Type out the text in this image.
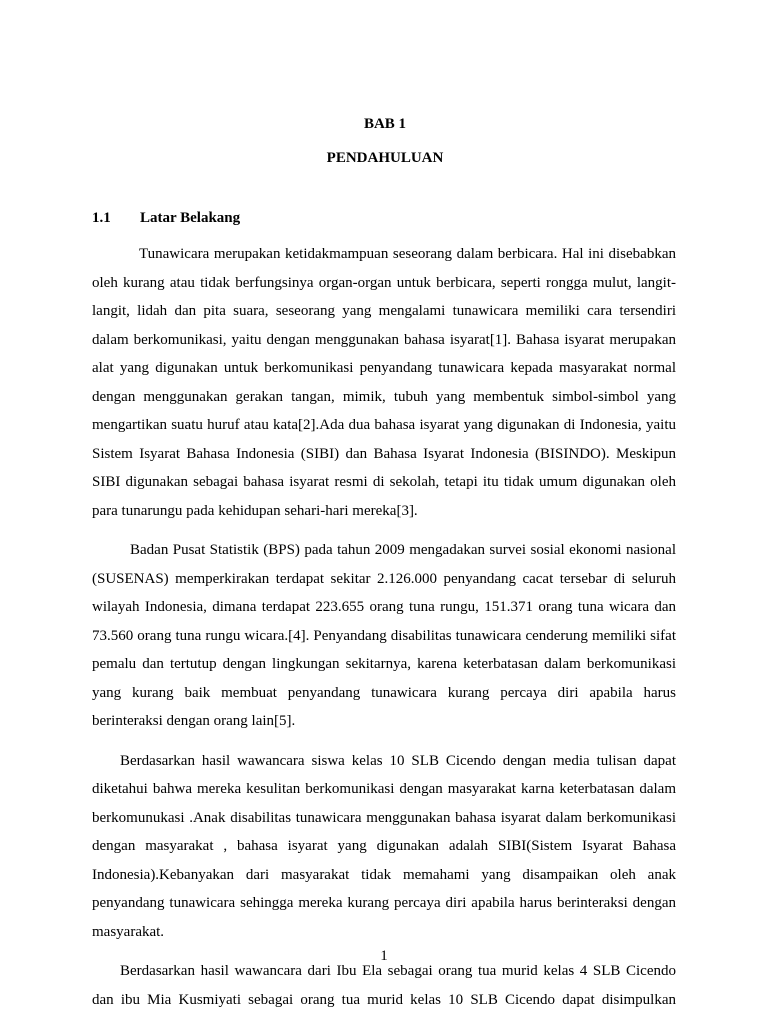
BAB 1
PENDAHULUAN
1.1 Latar Belakang

Tunawicara merupakan ketidakmampuan seseorang dalam berbicara. Hal ini disebabkan oleh kurang atau tidak berfungsinya organ-organ untuk berbicara, seperti rongga mulut, langit-langit, lidah dan pita suara, seseorang yang mengalami tunawicara memiliki cara tersendiri dalam berkomunikasi, yaitu dengan menggunakan bahasa isyarat[1]. Bahasa isyarat merupakan alat yang digunakan untuk berkomunikasi penyandang tunawicara kepada masyarakat normal dengan menggunakan gerakan tangan, mimik, tubuh yang membentuk simbol-simbol yang mengartikan suatu huruf atau kata[2].Ada dua bahasa isyarat yang digunakan di Indonesia, yaitu Sistem Isyarat Bahasa Indonesia (SIBI) dan Bahasa Isyarat Indonesia (BISINDO). Meskipun SIBI digunakan sebagai bahasa isyarat resmi di sekolah, tetapi itu tidak umum digunakan oleh para tunarungu pada kehidupan sehari-hari mereka[3].

Badan Pusat Statistik (BPS) pada tahun 2009 mengadakan survei sosial ekonomi nasional (SUSENAS) memperkirakan terdapat sekitar 2.126.000 penyandang cacat tersebar di seluruh wilayah Indonesia, dimana terdapat 223.655 orang tuna rungu, 151.371 orang tuna wicara dan 73.560 orang tuna rungu wicara.[4]. Penyandang disabilitas tunawicara cenderung memiliki sifat pemalu dan tertutup dengan lingkungan sekitarnya, karena keterbatasan dalam berkomunikasi yang kurang baik membuat penyandang tunawicara kurang percaya diri apabila harus berinteraksi dengan orang lain[5].

Berdasarkan hasil wawancara siswa kelas 10 SLB Cicendo dengan media tulisan dapat diketahui bahwa mereka kesulitan berkomunikasi dengan masyarakat karna keterbatasan dalam berkomunukasi .Anak disabilitas tunawicara menggunakan bahasa isyarat dalam berkomunikasi dengan masyarakat , bahasa isyarat yang digunakan adalah SIBI(Sistem Isyarat Bahasa Indonesia).Kebanyakan dari masyarakat tidak memahami yang disampaikan oleh anak penyandang tunawicara sehingga mereka kurang percaya diri apabila harus berinteraksi dengan masyarakat.

Berdasarkan hasil wawancara dari Ibu Ela sebagai orang tua murid kelas 4 SLB Cicendo dan ibu Mia Kusmiyati sebagai orang tua murid kelas 10 SLB Cicendo dapat disimpulkan

1
